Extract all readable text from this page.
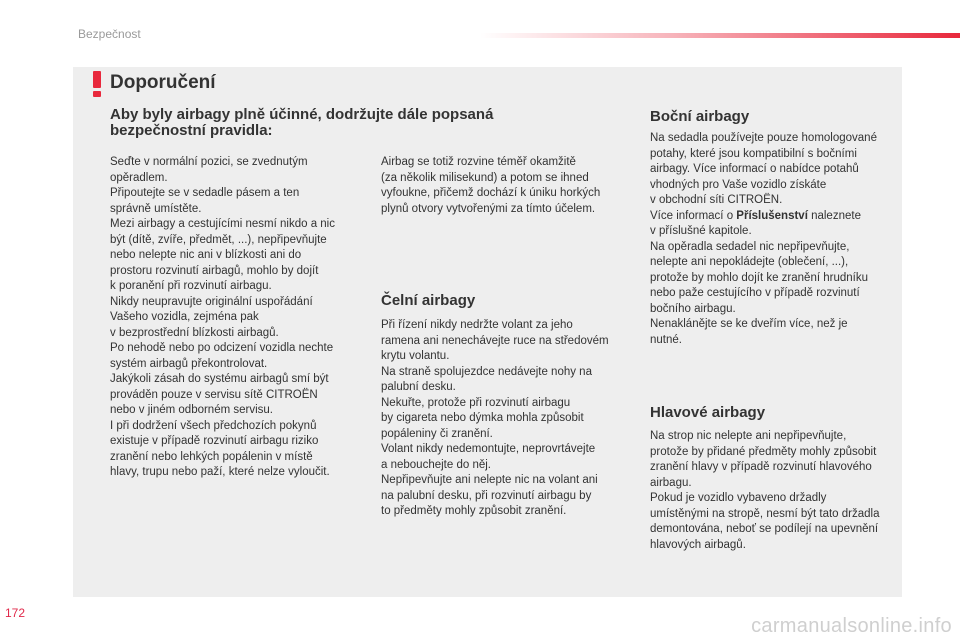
Bezpečnost
Doporučení
Aby byly airbagy plně účinné, dodržujte dále popsaná bezpečnostní pravidla:
Seďte v normální pozici, se zvednutým
opěradlem.
Připoutejte se v sedadle pásem a ten
správně umístěte.
Mezi airbagy a cestujícími nesmí nikdo a nic
být (dítě, zvíře, předmět, ...), nepřipevňujte
nebo nelepte nic ani v blízkosti ani do
prostoru rozvinutí airbagů, mohlo by dojít
k poranění při rozvinutí airbagu.
Nikdy neupravujte originální uspořádání
Vašeho vozidla, zejména pak
v bezprostřední blízkosti airbagů.
Po nehodě nebo po odcizení vozidla nechte
systém airbagů překontrolovat.
Jakýkoli zásah do systému airbagů smí být
prováděn pouze v servisu sítě CITROËN
nebo v jiném odborném servisu.
I při dodržení všech předchozích pokynů
existuje v případě rozvinutí airbagu riziko
zranění nebo lehkých popálenin v místě
hlavy, trupu nebo paží, které nelze vyloučit.
Airbag se totiž rozvine téměř okamžitě
(za několik milisekund) a potom se ihned
vyfoukne, přičemž dochází k úniku horkých
plynů otvory vytvořenými za tímto účelem.
Čelní airbagy
Při řízení nikdy nedržte volant za jeho
ramena ani nenechávejte ruce na středovém
krytu volantu.
Na straně spolujezdce nedávejte nohy na
palubní desku.
Nekuřte, protože při rozvinutí airbagu
by cigareta nebo dýmka mohla způsobit
popáleniny či zranění.
Volant nikdy nedemontujte, neprovrtávejte
a nebouchejte do něj.
Nepřipevňujte ani nelepte nic na volant ani
na palubní desku, při rozvinutí airbagu by
to předměty mohly způsobit zranění.
Boční airbagy
Na sedadla používejte pouze homologované
potahy, které jsou kompatibilní s bočními
airbagy. Více informací o nabídce potahů
vhodných pro Vaše vozidlo získáte
v obchodní síti CITROËN.
Více informací o Příslušenství naleznete
v příslušné kapitole.
Na opěradla sedadel nic nepřipevňujte,
nelepte ani nepokládejte (oblečení, ...),
protože by mohlo dojít ke zranění hrudníku
nebo paže cestujícího v případě rozvinutí
bočního airbagu.
Nenaklánějte se ke dveřím více, než je
nutné.
Hlavové airbagy
Na strop nic nelepte ani nepřipevňujte,
protože by přidané předměty mohly způsobit
zranění hlavy v případě rozvinutí hlavového
airbagu.
Pokud je vozidlo vybaveno držadly
umístěnými na stropě, nesmí být tato držadla
demontována, neboť se podílejí na upevnění
hlavových airbagů.
172
carmanualsonline.info
